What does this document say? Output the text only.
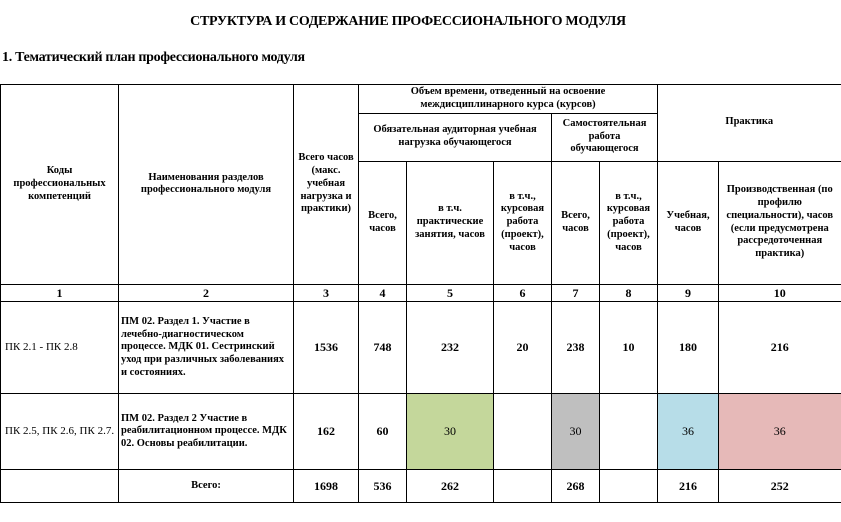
СТРУКТУРА И СОДЕРЖАНИЕ ПРОФЕССИОНАЛЬНОГО МОДУЛЯ
1. Тематический план профессионального модуля
Коды профессиональных компетенций	Наименования разделов профессионального модуля	Всего часов (макс. учебная нагрузка и практики)	Объем времени, отведенный на освоение междисциплинарного курса (курсов)					Практика	
			Обязательная аудиторная учебная нагрузка обучающегося			Самостоятельная работа обучающегося			
			Всего, часов	в т.ч. практические занятия, часов	в т.ч., курсовая работа (проект), часов	Всего, часов	в т.ч., курсовая работа (проект), часов	Учебная, часов	Производственная (по профилю специальности), часов (если предусмотрена рассредоточенная практика)
1	2	3	4	5	6	7	8	9	10
ПК 2.1 - ПК 2.8	ПМ 02. Раздел 1. Участие в лечебно-диагностическом процессе. МДК 01. Сестринский уход при различных заболеваниях и состояниях.	1536	748	232	20	238	10	180	216
ПК 2.5, ПК 2.6, ПК 2.7.	ПМ 02. Раздел 2 Участие в реабилитационном процессе. МДК 02. Основы реабилитации.	162	60	30		30		36	36
	Всего:	1698	536	262		268		216	252
